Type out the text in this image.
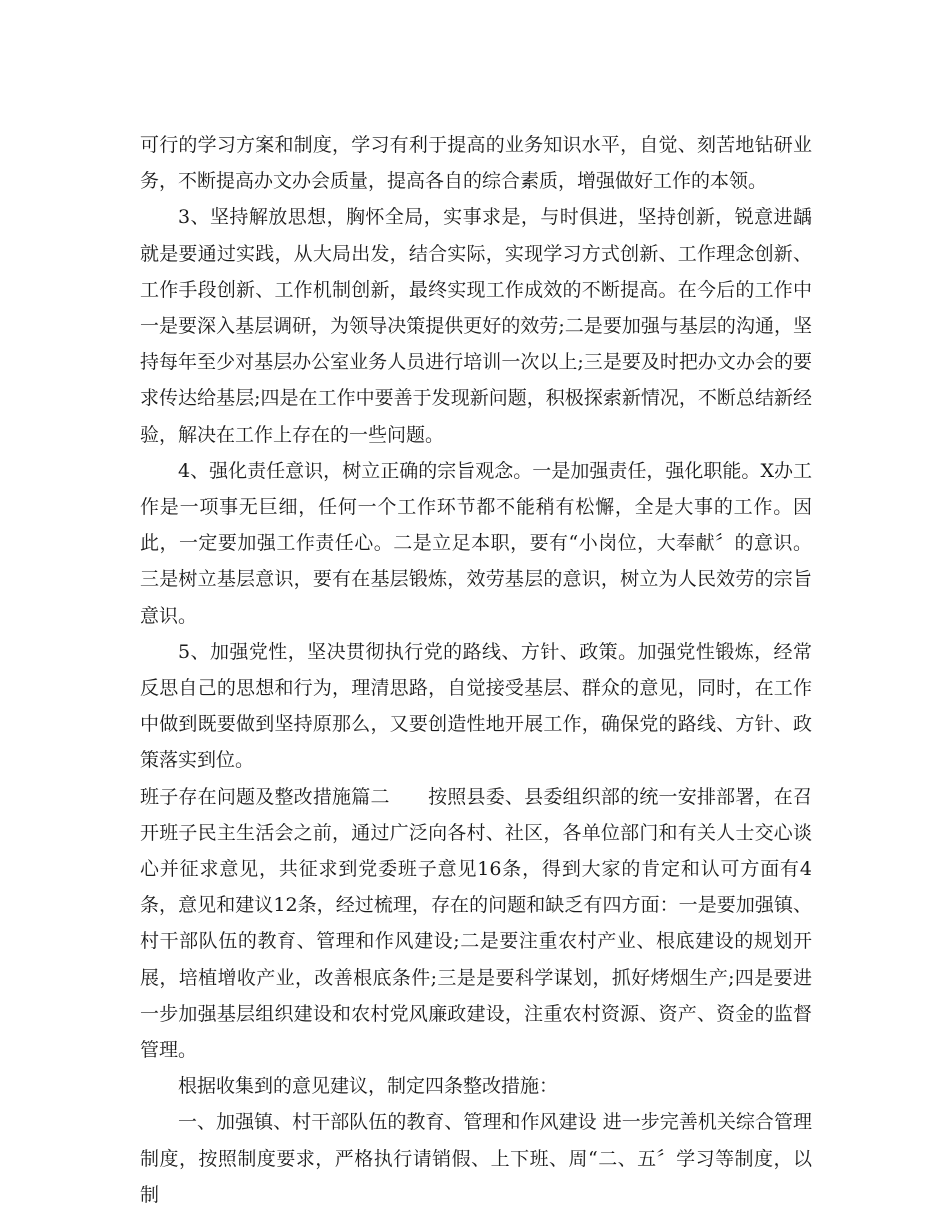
可行的学习方案和制度，学习有利于提高的业务知识水平，自觉、刻苦地钻研业务，不断提高办文办会质量，提高各自的综合素质，增强做好工作的本领。

3、坚持解放思想，胸怀全局，实事求是，与时俱进，坚持创新，锐意进龋就是要通过实践，从大局出发，结合实际，实现学习方式创新、工作理念创新、工作手段创新、工作机制创新，最终实现工作成效的不断提高。在今后的工作中一是要深入基层调研，为领导决策提供更好的效劳;二是要加强与基层的沟通，坚持每年至少对基层办公室业务人员进行培训一次以上;三是要及时把办文办会的要求传达给基层;四是在工作中要善于发现新问题，积极探索新情况，不断总结新经验，解决在工作上存在的一些问题。

4、强化责任意识，树立正确的宗旨观念。一是加强责任，强化职能。X办工作是一项事无巨细，任何一个工作环节都不能稍有松懈，全是大事的工作。因此，一定要加强工作责任心。二是立足本职，要有“小岗位，大奉献〞的意识。三是树立基层意识，要有在基层锻炼，效劳基层的意识，树立为人民效劳的宗旨意识。

5、加强党性，坚决贯彻执行党的路线、方针、政策。加强党性锻炼，经常反思自己的思想和行为，理清思路，自觉接受基层、群众的意见，同时，在工作中做到既要做到坚持原那么，又要创造性地开展工作，确保党的路线、方针、政策落实到位。

班子存在问题及整改措施篇二　　按照县委、县委组织部的统一安排部署，在召开班子民主生活会之前，通过广泛向各村、社区，各单位部门和有关人士交心谈心并征求意见，共征求到党委班子意见16条，得到大家的肯定和认可方面有4条，意见和建议12条，经过梳理，存在的问题和缺乏有四方面：一是要加强镇、村干部队伍的教育、管理和作风建设;二是要注重农村产业、根底建设的规划开展，培植增收产业，改善根底条件;三是是要科学谋划，抓好烤烟生产;四是要进一步加强基层组织建设和农村党风廉政建设，注重农村资源、资产、资金的监督管理。

根据收集到的意见建议，制定四条整改措施：

一、加强镇、村干部队伍的教育、管理和作风建设 进一步完善机关综合管理制度，按照制度要求，严格执行请销假、上下班、周“二、五〞学习等制度，以制
